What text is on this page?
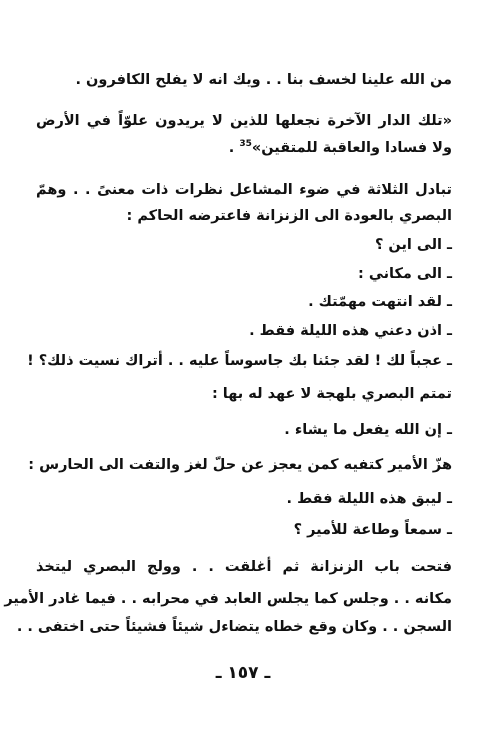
من الله علينا لخسف بنا . . ويك انه لا يفلح الكافرون .
«تلك الدار الآخرة نجعلها للذين لا يريدون علوّاً في الأرض
ولا فسادا والعاقبة للمتقين»$^{35}$ .
تبادل الثلاثة في ضوء المشاعل نظرات ذات معنىً . . وهمّ
البصري بالعودة الى الزنزانة فاعترضه الحاكم :
ـ الى اين ؟
ـ الى مكاني :
ـ لقد انتهت مهمّتك .
ـ اذن دعني هذه الليلة فقط .
ـ عجباً لك ! لقد جئنا بك جاسوساً عليه . . أتراك نسيت ذلك؟ !
تمتم البصري بلهجة لا عهد له بها :
ـ إن الله يفعل ما يشاء .
هزّ الأمير كتفيه كمن يعجز عن حلّ لغز والتفت الى الحارس :
ـ ليبق هذه الليلة فقط .
ـ سمعاً وطاعة للأمير ؟
فتحت باب الزنزانة ثم أغلقت . . وولج البصري ليتخذ
مكانه . . وجلس كما يجلس العابد في محرابه . . فيما غادر الأمير
السجن . . وكان وقع خطاه يتضاءل شيئاً فشيئاً حتى اختفى . .
ـ ١٥٧ ـ
